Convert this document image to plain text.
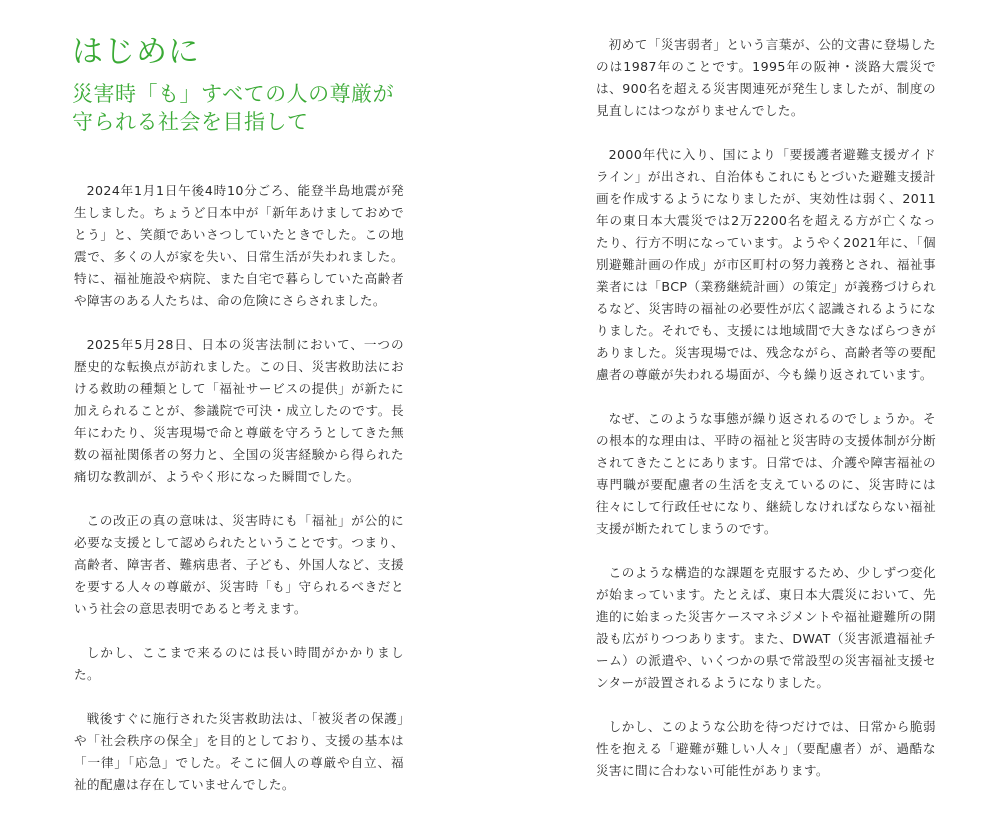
はじめに
災害時「も」すべての人の尊厳が
守られる社会を目指して

2024年1月1日午後4時10分ごろ、能登半島地震が発生しました。ちょうど日本中が「新年あけましておめでとう」と、笑顔であいさつしていたときでした。この地震で、多くの人が家を失い、日常生活が失われました。特に、福祉施設や病院、また自宅で暮らしていた高齢者や障害のある人たちは、命の危険にさらされました。

2025年5月28日、日本の災害法制において、一つの歴史的な転換点が訪れました。この日、災害救助法における救助の種類として「福祉サービスの提供」が新たに加えられることが、参議院で可決・成立したのです。長年にわたり、災害現場で命と尊厳を守ろうとしてきた無数の福祉関係者の努力と、全国の災害経験から得られた痛切な教訓が、ようやく形になった瞬間でした。

この改正の真の意味は、災害時にも「福祉」が公的に必要な支援として認められたということです。つまり、高齢者、障害者、難病患者、子ども、外国人など、支援を要する人々の尊厳が、災害時「も」守られるべきだという社会の意思表明であると考えます。

しかし、ここまで来るのには長い時間がかかりました。

戦後すぐに施行された災害救助法は、「被災者の保護」や「社会秩序の保全」を目的としており、支援の基本は「一律」「応急」でした。そこに個人の尊厳や自立、福祉的配慮は存在していませんでした。

初めて「災害弱者」という言葉が、公的文書に登場したのは1987年のことです。1995年の阪神・淡路大震災では、900名を超える災害関連死が発生しましたが、制度の見直しにはつながりませんでした。

2000年代に入り、国により「要援護者避難支援ガイドライン」が出され、自治体もこれにもとづいた避難支援計画を作成するようになりましたが、実効性は弱く、2011年の東日本大震災では2万2200名を超える方が亡くなったり、行方不明になっています。ようやく2021年に、「個別避難計画の作成」が市区町村の努力義務とされ、福祉事業者には「BCP（業務継続計画）の策定」が義務づけられるなど、災害時の福祉の必要性が広く認識されるようになりました。それでも、支援には地域間で大きなばらつきがありました。災害現場では、残念ながら、高齢者等の要配慮者の尊厳が失われる場面が、今も繰り返されています。

なぜ、このような事態が繰り返されるのでしょうか。その根本的な理由は、平時の福祉と災害時の支援体制が分断されてきたことにあります。日常では、介護や障害福祉の専門職が要配慮者の生活を支えているのに、災害時には往々にして行政任せになり、継続しなければならない福祉支援が断たれてしまうのです。

このような構造的な課題を克服するため、少しずつ変化が始まっています。たとえば、東日本大震災において、先進的に始まった災害ケースマネジメントや福祉避難所の開設も広がりつつあります。また、DWAT（災害派遣福祉チーム）の派遣や、いくつかの県で常設型の災害福祉支援センターが設置されるようになりました。

しかし、このような公助を待つだけでは、日常から脆弱性を抱える「避難が難しい人々」（要配慮者）が、過酷な災害に間に合わない可能性があります。
